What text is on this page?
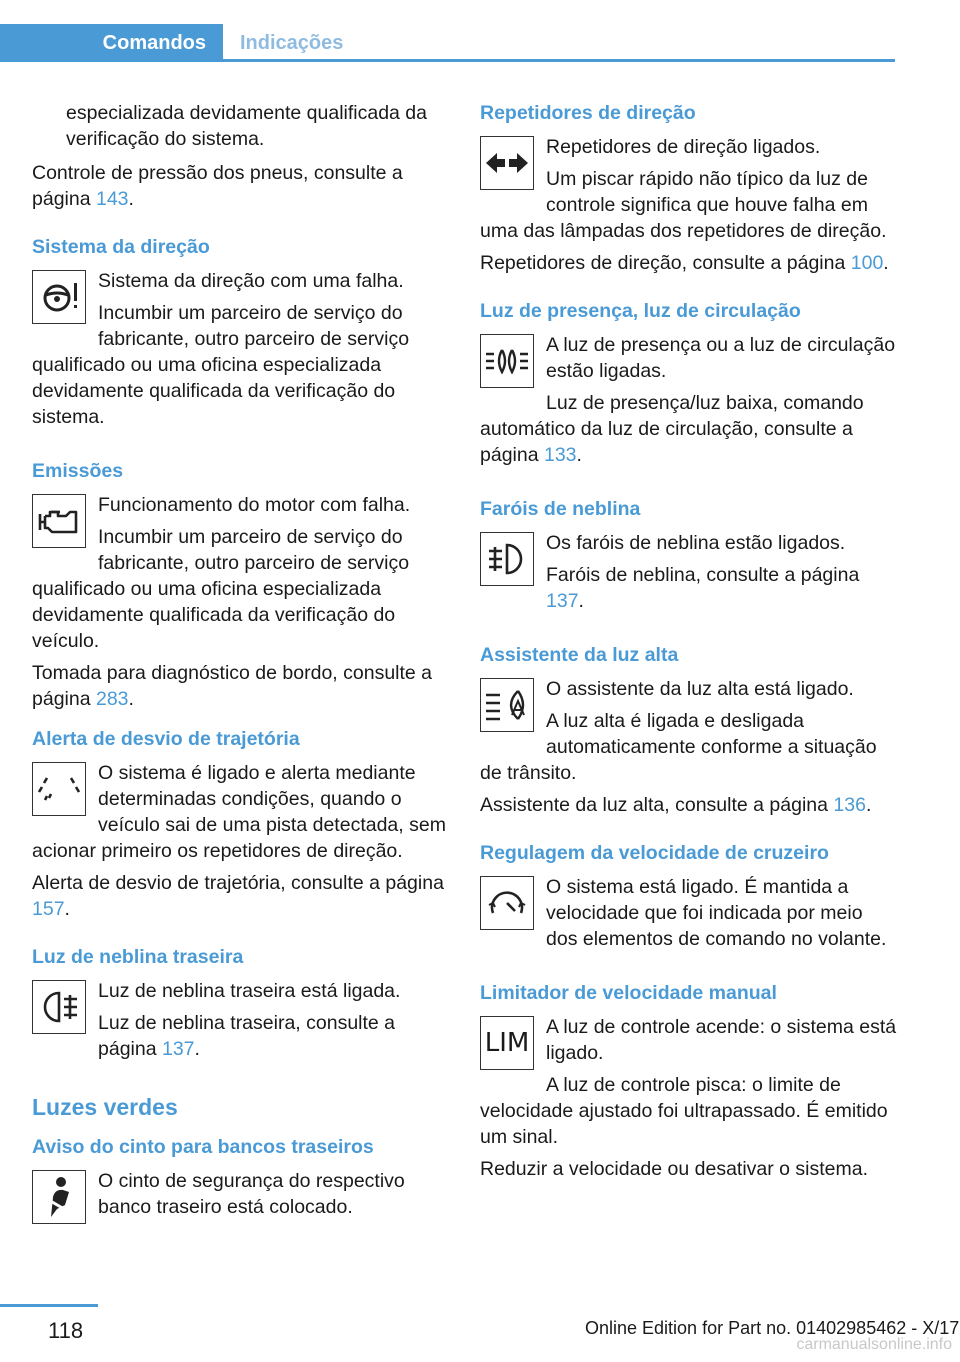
Comandos	Indicações

especializada devidamente qualificada da verificação do sistema.

Controle de pressão dos pneus, consulte a página 143.

Sistema da direção

Sistema da direção com uma falha.

Incumbir um parceiro de serviço do fabricante, outro parceiro de serviço qualificado ou uma oficina especializada devidamente qualificada da verificação do sistema.

Emissões

Funcionamento do motor com falha.

Incumbir um parceiro de serviço do fabricante, outro parceiro de serviço qualificado ou uma oficina especializada devidamente qualificada da verificação do veículo.

Tomada para diagnóstico de bordo, consulte a página 283.

Alerta de desvio de trajetória

O sistema é ligado e alerta mediante determinadas condições, quando o veículo sai de uma pista detectada, sem acionar primeiro os repetidores de direção.

Alerta de desvio de trajetória, consulte a página 157.

Luz de neblina traseira

Luz de neblina traseira está ligada.

Luz de neblina traseira, consulte a página 137.

Luzes verdes
Aviso do cinto para bancos traseiros

O cinto de segurança do respectivo banco traseiro está colocado.

Repetidores de direção

Repetidores de direção ligados.

Um piscar rápido não típico da luz de controle significa que houve falha em uma das lâmpadas dos repetidores de direção.

Repetidores de direção, consulte a página 100.

Luz de presença, luz de circulação

A luz de presença ou a luz de circulação estão ligadas.

Luz de presença/luz baixa, comando automático da luz de circulação, consulte a página 133.

Faróis de neblina

Os faróis de neblina estão ligados.

Faróis de neblina, consulte a página 137.

Assistente da luz alta

O assistente da luz alta está ligado.

A luz alta é ligada e desligada automaticamente conforme a situação de trânsito.

Assistente da luz alta, consulte a página 136.

Regulagem da velocidade de cruzeiro

O sistema está ligado. É mantida a velocidade que foi indicada por meio dos elementos de comando no volante.

Limitador de velocidade manual
LIM

A luz de controle acende: o sistema está ligado.

A luz de controle pisca: o limite de velocidade ajustado foi ultrapassado. É emitido um sinal.

Reduzir a velocidade ou desativar o sistema.

118	Online Edition for Part no. 01402985462 - X/17
carmanualsonline.info
